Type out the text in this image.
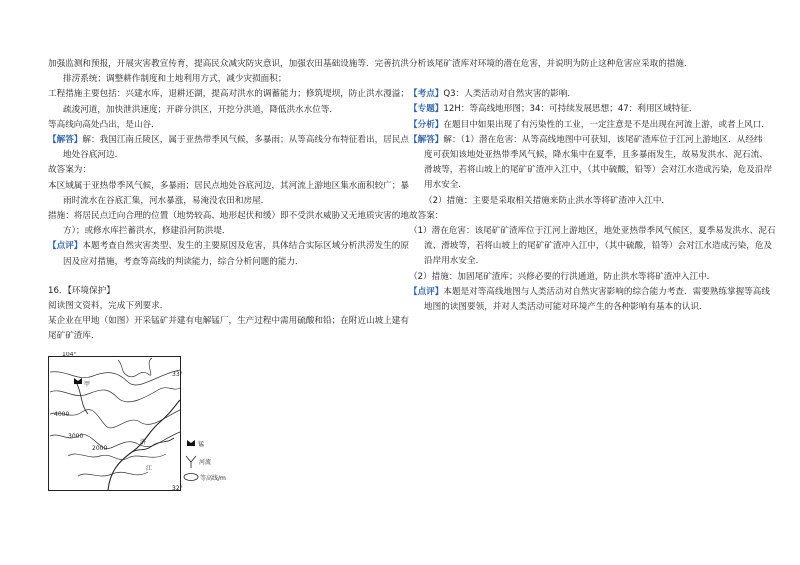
加强监测和预报，开展灾害教宣传育，提高民众减灾防灾意识，加强农田基础设施等．完善抗洪
排涝系统；调整耕作制度和土地利用方式，减少灾损面积；
工程措施主要包括：兴建水库，退耕还湖，提高对洪水的调蓄能力；修筑堤坝，防止洪水漫溢；
疏浚河道，加快泄洪速度；开辟分洪区，开挖分洪道，降低洪水水位等．
等高线向高处凸出，是山谷．
【解答】解：我国江南丘陵区，属于亚热带季风气候，多暴雨；从等高线分布特征看出，居民点
地处谷底河边．
故答案为：
本区域属于亚热带季风气候，多暴雨；居民点地处谷底河边，其河流上游地区集水面积较广；暴
雨时流水在谷底汇集，河水暴涨，易淹没农田和房屋．
措施：将居民点迁向合理的位置（地势较高、地形起伏和缓）即不受洪水威胁又无地质灾害的地
方）；或修水库拦蓄洪水，修建沿河防洪堤．
【点评】本题考查自然灾害类型、发生的主要原因及危害，具体结合实际区域分析洪涝发生的原
因及应对措施，考查等高线的判读能力，综合分析问题的能力．
16．【环境保护】
阅读图文资料，完成下列要求．
某企业在甲地（如图）开采锰矿并建有电解锰厂，生产过程中需用硫酸和铅；在附近山坡上建有
尾矿矿渣库．
甲
104°
33°
32°
4000
3000
2000
浒
江
锰
河流
等高线/m
分析该尾矿渣库对环境的潜在危害，并说明为防止这种危害应采取的措施．
【考点】Q3：人类活动对自然灾害的影响．
【专题】12H：等高线地形图；34：可持续发展思想；47：利用区域特征．
【分析】在题目中如果出现了有污染性的工业，一定注意是不是出现在河流上游，或者上风口．
【解答】解：（1）潜在危害：从等高线地图中可获知，该尾矿渣库位于江河上游地区．从经纬
度可获知该地处亚热带季风气候，降水集中在夏季，且多暴雨发生，故易发洪水、泥石流、
滑坡等，若将山坡上的尾矿矿渣冲入江中，（其中硫酸，铅等）会对江水造成污染，危及沿岸
用水安全．
（2）措施：主要是采取相关措施来防止洪水等将矿渣冲入江中．
故答案：
（1）潜在危害：该尾矿矿渣库位于江河上游地区，地处亚热带季风气候区，夏季易发洪水、泥石
流、滑坡等，若将山坡上的尾矿矿渣冲入江中，（其中硫酸，铅等）会对江水造成污染，危及
沿岸用水安全．
（2）措施：加固尾矿渣库；兴修必要的行洪通道，防止洪水等将矿渣冲入江中．
【点评】本题是对等高线地图与人类活动对自然灾害影响的综合能力考查．需要熟练掌握等高线
地图的读图要领，并对人类活动可能对环境产生的各种影响有基本的认识．
